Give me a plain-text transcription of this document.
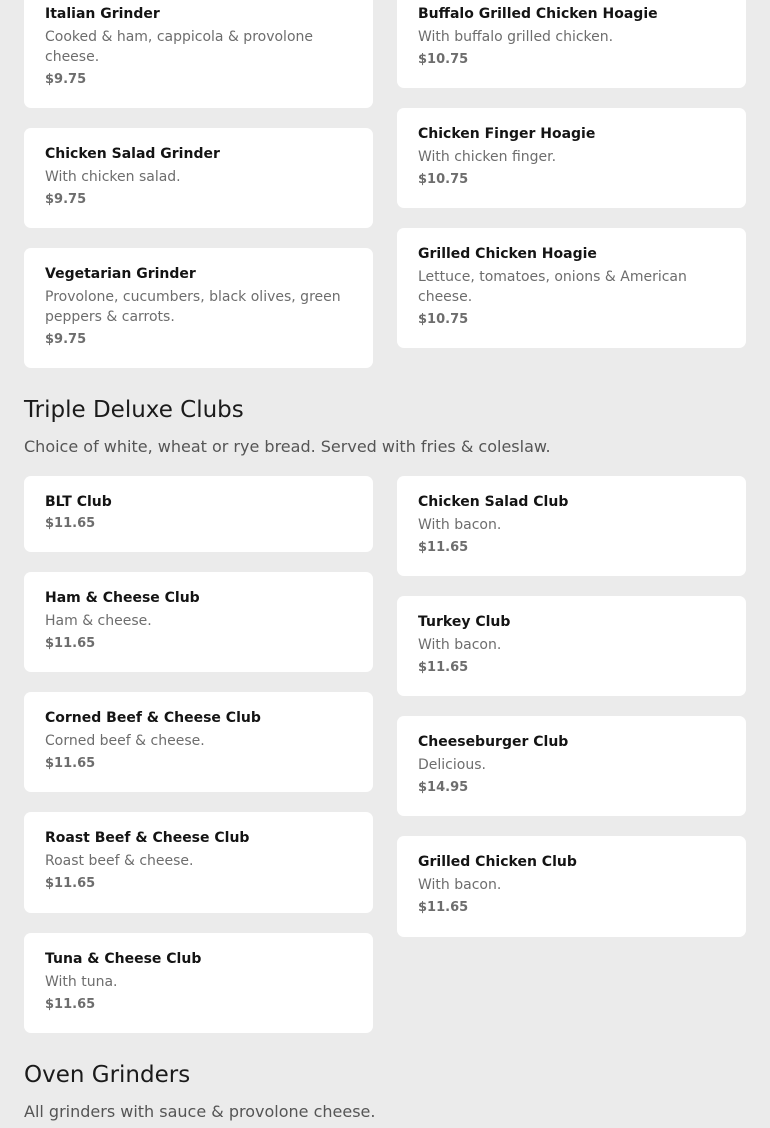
Italian Grinder
Cooked & ham, cappicola & provolone cheese.
$9.75
Chicken Salad Grinder
With chicken salad.
$9.75
Vegetarian Grinder
Provolone, cucumbers, black olives, green peppers & carrots.
$9.75
Buffalo Grilled Chicken Hoagie
With buffalo grilled chicken.
$10.75
Chicken Finger Hoagie
With chicken finger.
$10.75
Grilled Chicken Hoagie
Lettuce, tomatoes, onions & American cheese.
$10.75
Triple Deluxe Clubs
Choice of white, wheat or rye bread. Served with fries & coleslaw.
BLT Club
$11.65
Ham & Cheese Club
Ham & cheese.
$11.65
Corned Beef & Cheese Club
Corned beef & cheese.
$11.65
Roast Beef & Cheese Club
Roast beef & cheese.
$11.65
Tuna & Cheese Club
With tuna.
$11.65
Chicken Salad Club
With bacon.
$11.65
Turkey Club
With bacon.
$11.65
Cheeseburger Club
Delicious.
$14.95
Grilled Chicken Club
With bacon.
$11.65
Oven Grinders
All grinders with sauce & provolone cheese.
